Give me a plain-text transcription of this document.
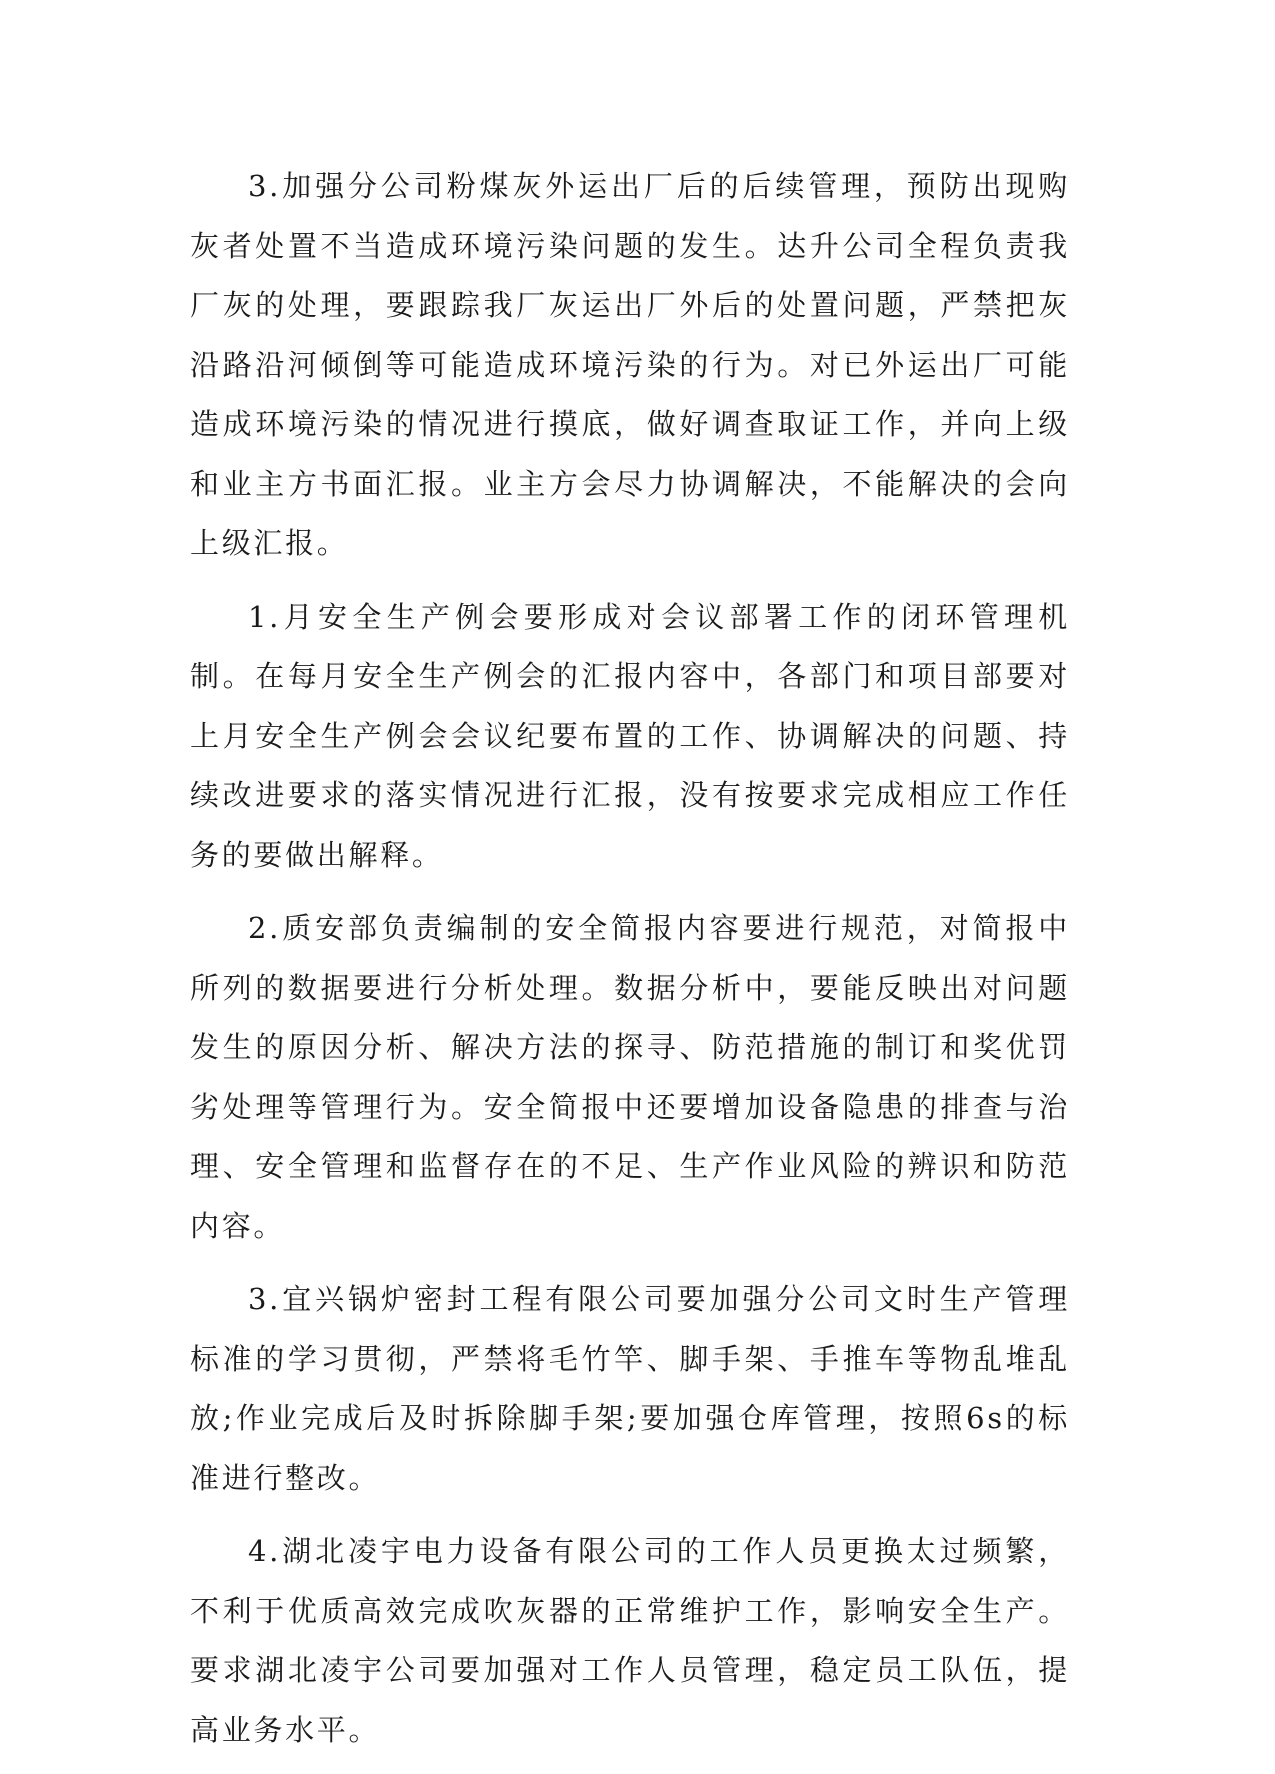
3.加强分公司粉煤灰外运出厂后的后续管理，预防出现购灰者处置不当造成环境污染问题的发生。达升公司全程负责我厂灰的处理，要跟踪我厂灰运出厂外后的处置问题，严禁把灰沿路沿河倾倒等可能造成环境污染的行为。对已外运出厂可能造成环境污染的情况进行摸底，做好调查取证工作，并向上级和业主方书面汇报。业主方会尽力协调解决，不能解决的会向上级汇报。

1.月安全生产例会要形成对会议部署工作的闭环管理机制。在每月安全生产例会的汇报内容中，各部门和项目部要对上月安全生产例会会议纪要布置的工作、协调解决的问题、持续改进要求的落实情况进行汇报，没有按要求完成相应工作任务的要做出解释。

2.质安部负责编制的安全简报内容要进行规范，对简报中所列的数据要进行分析处理。数据分析中，要能反映出对问题发生的原因分析、解决方法的探寻、防范措施的制订和奖优罚劣处理等管理行为。安全简报中还要增加设备隐患的排查与治理、安全管理和监督存在的不足、生产作业风险的辨识和防范内容。

3.宜兴锅炉密封工程有限公司要加强分公司文时生产管理标准的学习贯彻，严禁将毛竹竿、脚手架、手推车等物乱堆乱放;作业完成后及时拆除脚手架;要加强仓库管理，按照6s的标准进行整改。

4.湖北凌宇电力设备有限公司的工作人员更换太过频繁，不利于优质高效完成吹灰器的正常维护工作，影响安全生产。要求湖北凌宇公司要加强对工作人员管理，稳定员工队伍，提高业务水平。
